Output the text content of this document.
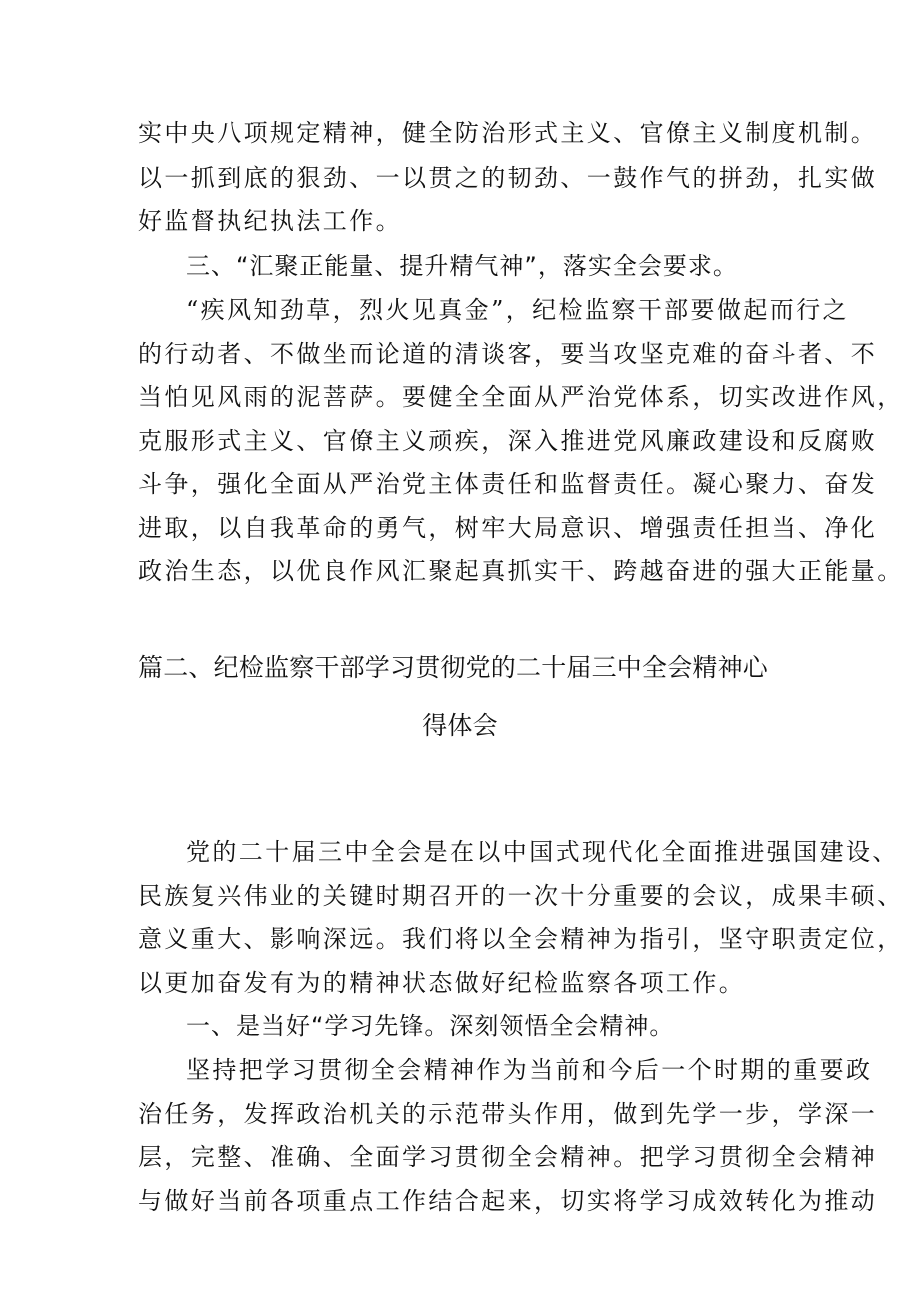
实中央八项规定精神，健全防治形式主义、官僚主义制度机制。
以一抓到底的狠劲、一以贯之的韧劲、一鼓作气的拼劲，扎实做
好监督执纪执法工作。
三、“汇聚正能量、提升精气神”，落实全会要求。
“疾风知劲草，烈火见真金”，纪检监察干部要做起而行之
的行动者、不做坐而论道的清谈客，要当攻坚克难的奋斗者、不
当怕见风雨的泥菩萨。要健全全面从严治党体系，切实改进作风，
克服形式主义、官僚主义顽疾，深入推进党风廉政建设和反腐败
斗争，强化全面从严治党主体责任和监督责任。凝心聚力、奋发
进取，以自我革命的勇气，树牢大局意识、增强责任担当、净化
政治生态，以优良作风汇聚起真抓实干、跨越奋进的强大正能量。
篇二、纪检监察干部学习贯彻党的二十届三中全会精神心
得体会
党的二十届三中全会是在以中国式现代化全面推进强国建设、
民族复兴伟业的关键时期召开的一次十分重要的会议，成果丰硕、
意义重大、影响深远。我们将以全会精神为指引，坚守职责定位，
以更加奋发有为的精神状态做好纪检监察各项工作。
一、是当好“学习先锋。深刻领悟全会精神。
坚持把学习贯彻全会精神作为当前和今后一个时期的重要政
治任务，发挥政治机关的示范带头作用，做到先学一步，学深一
层，完整、准确、全面学习贯彻全会精神。把学习贯彻全会精神
与做好当前各项重点工作结合起来，切实将学习成效转化为推动
